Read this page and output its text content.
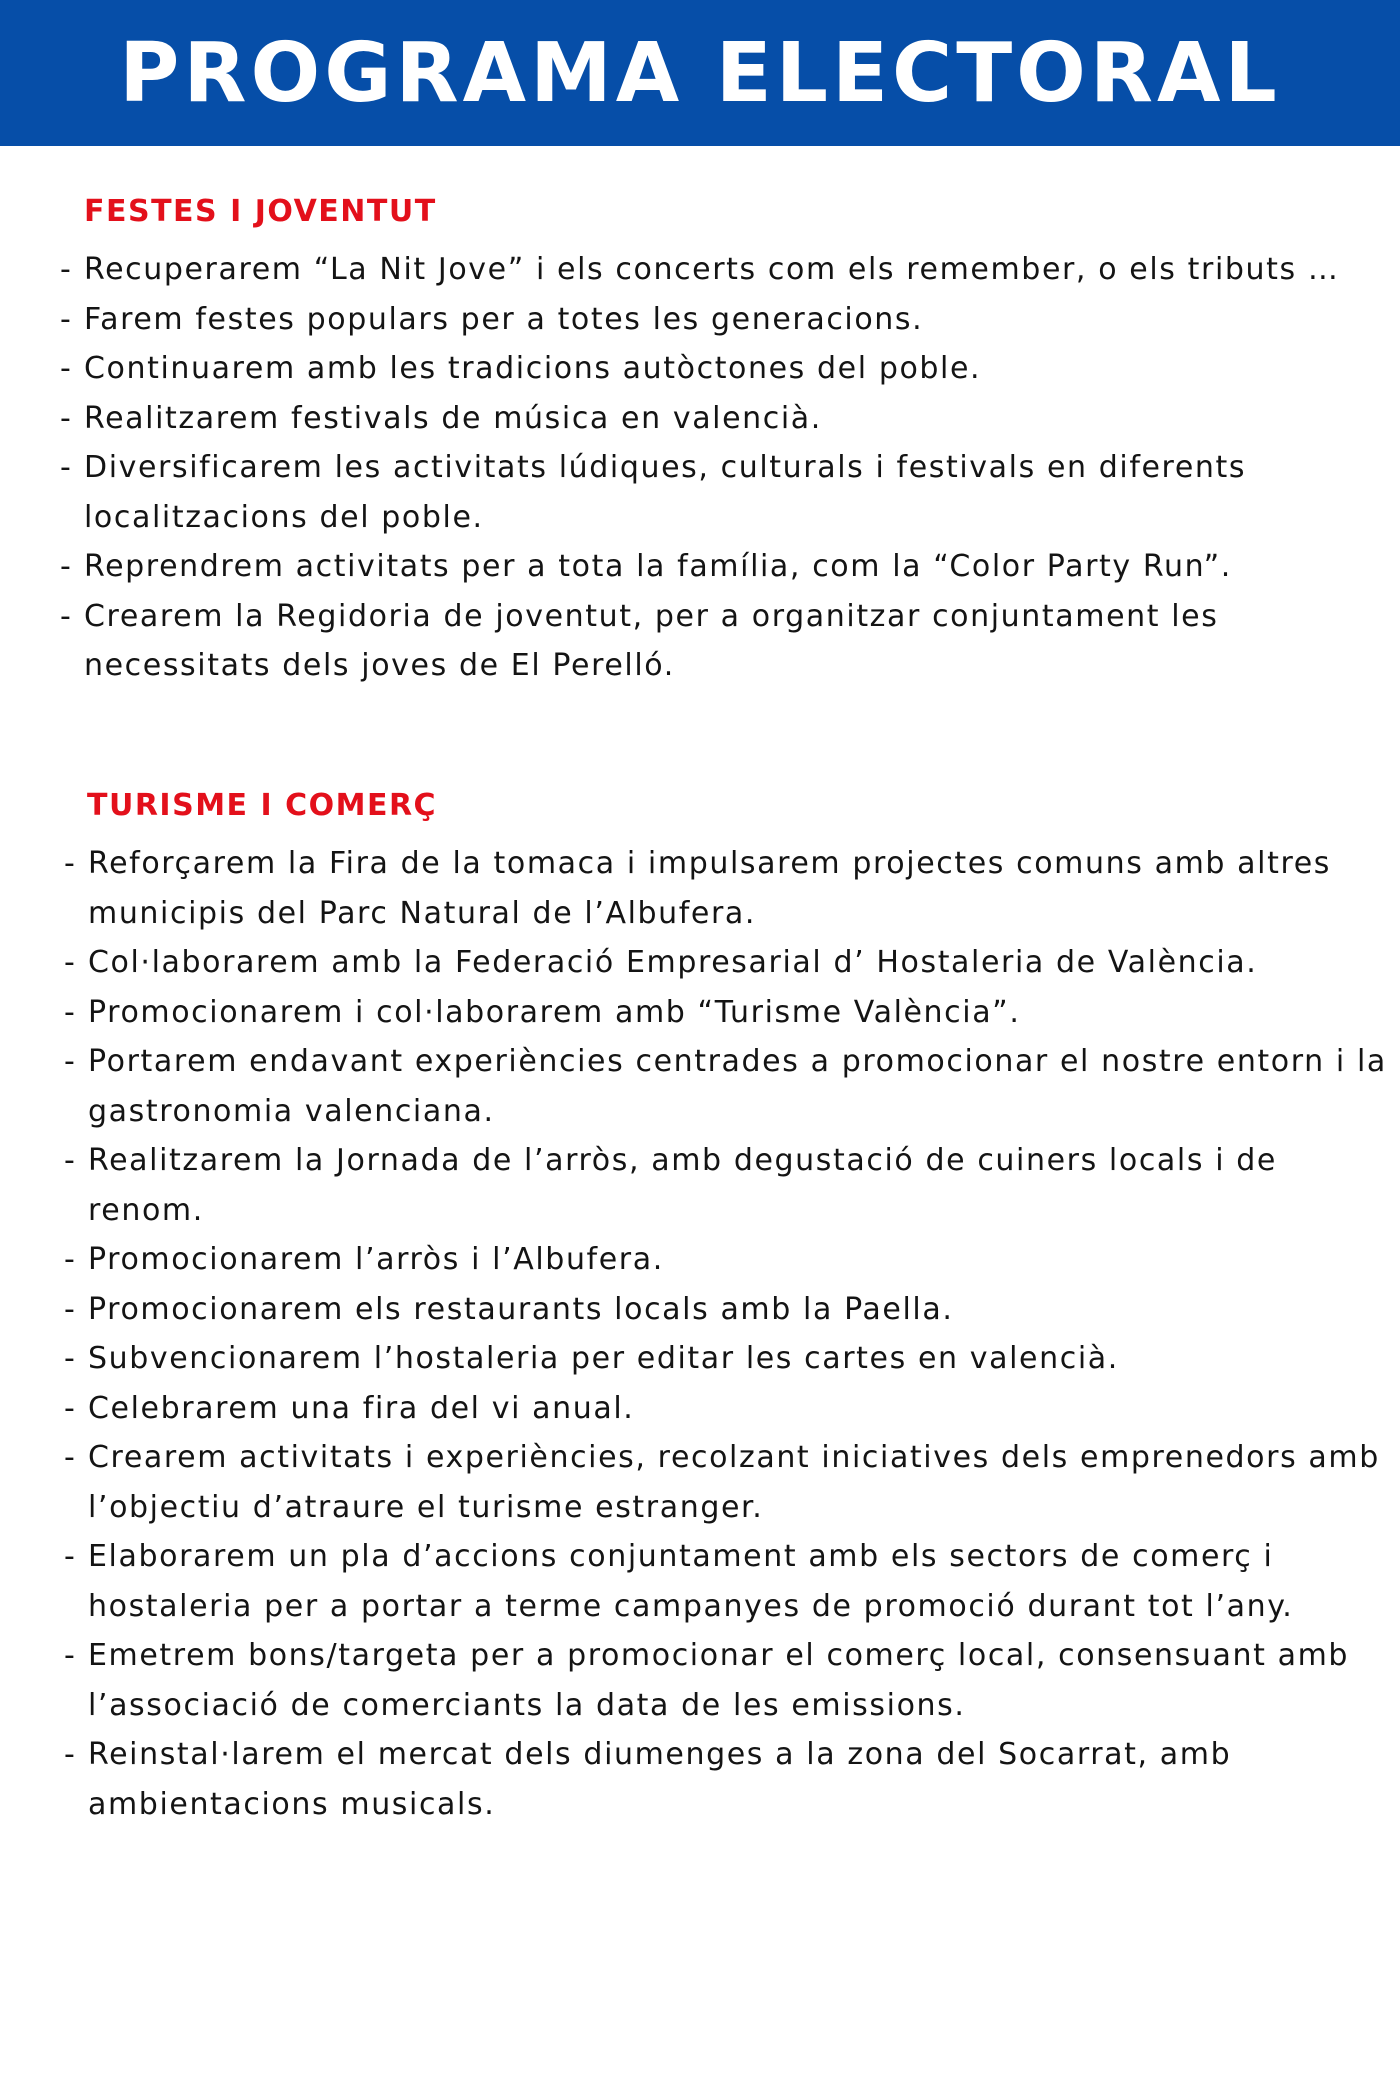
PROGRAMA ELECTORAL
FESTES I JOVENTUT
- Recuperarem “La Nit Jove” i els concerts com els remember, o els tributs …
- Farem festes populars per a totes les generacions.
- Continuarem amb les tradicions autòctones del poble.
- Realitzarem festivals de música en valencià.
- Diversificarem les activitats lúdiques, culturals i festivals en diferents localitzacions del poble.
- Reprendrem activitats per a tota la família, com la “Color Party Run”.
- Crearem la Regidoria de joventut, per a organitzar conjuntament les necessitats dels joves de El Perelló.
TURISME I COMERÇ
- Reforçarem la Fira de la tomaca i impulsarem projectes comuns amb altres municipis del Parc Natural de l’Albufera.
- Col·laborarem amb la Federació Empresarial d’ Hostaleria de València.
- Promocionarem i col·laborarem amb “Turisme València”.
- Portarem endavant experiències centrades a promocionar el nostre entorn i la gastronomia valenciana.
- Realitzarem la Jornada de l’arròs, amb degustació de cuiners locals i de renom.
- Promocionarem l’arròs i l’Albufera.
- Promocionarem els restaurants locals amb la Paella.
- Subvencionarem l’hostaleria per editar les cartes en valencià.
- Celebrarem una fira del vi anual.
- Crearem activitats i experiències, recolzant iniciatives dels emprenedors amb l’objectiu d’atraure el turisme estranger.
- Elaborarem un pla d’accions conjuntament amb els sectors de comerç i hostaleria per a portar a terme campanyes de promoció durant tot l’any.
- Emetrem bons/targeta per a promocionar el comerç local, consensuant amb l’associació de comerciants la data de les emissions.
- Reinstal·larem el mercat dels diumenges a la zona del Socarrat, amb ambientacions musicals.
